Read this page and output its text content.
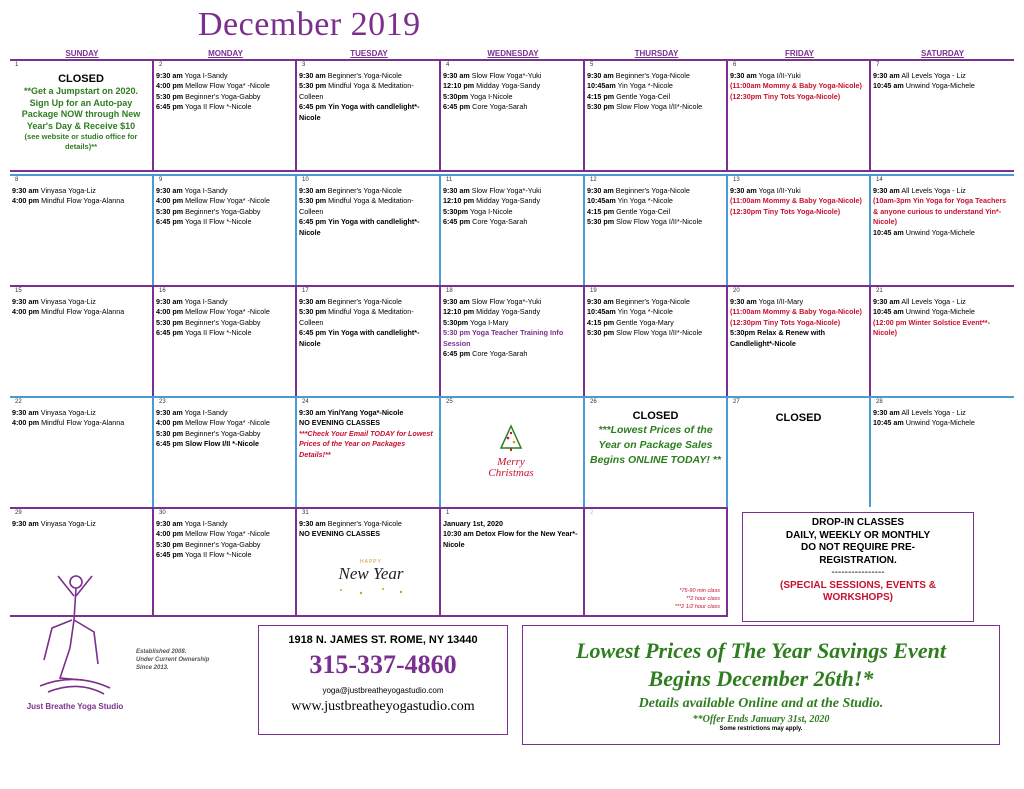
December 2019
SUNDAY	MONDAY	TUESDAY	WEDNESDAY	THURSDAY	FRIDAY	SATURDAY
1
CLOSED
**Get a Jumpstart on 2020. Sign Up for an Auto-pay Package NOW through New Year's Day & Receive $10
(see website or studio office for details)**
2
9:30 am Yoga I-Sandy
4:00 pm Mellow Flow Yoga* -Nicole
5:30 pm Beginner's Yoga-Gabby
6:45 pm Yoga II Flow *-Nicole
3
9:30 am Beginner's Yoga-Nicole
5:30 pm Mindful Yoga & Meditation-Colleen
6:45 pm Yin Yoga with candlelight*-Nicole
4
9:30 am Slow Flow Yoga*-Yuki
12:10 pm Midday Yoga-Sandy
5:30pm Yoga I-Nicole
6:45 pm Core Yoga-Sarah
5
9:30 am Beginner's Yoga-Nicole
10:45am Yin Yoga *-Nicole
4:15 pm Gentle Yoga-Ceil
5:30 pm Slow Flow Yoga I/II*-Nicole
6
9:30 am Yoga I/II-Yuki
(11:00am Mommy & Baby Yoga-Nicole)
(12:30pm Tiny Tots Yoga-Nicole)
7
9:30 am All Levels Yoga - Liz
10:45 am Unwind Yoga-Michele
8
9:30 am Vinyasa Yoga-Liz
4:00 pm Mindful Flow Yoga-Alanna
9
9:30 am Yoga I-Sandy
4:00 pm Mellow Flow Yoga* -Nicole
5:30 pm Beginner's Yoga-Gabby
6:45 pm Yoga II Flow *-Nicole
10
9:30 am Beginner's Yoga-Nicole
5:30 pm Mindful Yoga & Meditation-Colleen
6:45 pm Yin Yoga with candlelight*-Nicole
11
9:30 am Slow Flow Yoga*-Yuki
12:10 pm Midday Yoga-Sandy
5:30pm Yoga I-Nicole
6:45 pm Core Yoga-Sarah
12
9:30 am Beginner's Yoga-Nicole
10:45am Yin Yoga *-Nicole
4:15 pm Gentle Yoga-Ceil
5:30 pm Slow Flow Yoga I/II*-Nicole
13
9:30 am Yoga I/II-Yuki
(11:00am Mommy & Baby Yoga-Nicole)
(12:30pm Tiny Tots Yoga-Nicole)
14
9:30 am All Levels Yoga - Liz
(10am-3pm Yin Yoga for Yoga Teachers & anyone curious to understand Yin*-Nicole)
10:45 am Unwind Yoga-Michele
15
9:30 am Vinyasa Yoga-Liz
4:00 pm Mindful Flow Yoga-Alanna
16
9:30 am Yoga I-Sandy
4:00 pm Mellow Flow Yoga* -Nicole
5:30 pm Beginner's Yoga-Gabby
6:45 pm Yoga II Flow *-Nicole
17
9:30 am Beginner's Yoga-Nicole
5:30 pm Mindful Yoga & Meditation-Colleen
6:45 pm Yin Yoga with candlelight*-Nicole
18
9:30 am Slow Flow Yoga*-Yuki
12:10 pm Midday Yoga-Sandy
5:30pm Yoga I-Mary
5:30 pm Yoga Teacher Training Info Session
6:45 pm Core Yoga-Sarah
19
9:30 am Beginner's Yoga-Nicole
10:45am Yin Yoga *-Nicole
4:15 pm Gentle Yoga-Mary
5:30 pm Slow Flow Yoga I/II*-Nicole
20
9:30 am Yoga I/II-Mary
(11:00am Mommy & Baby Yoga-Nicole)
(12:30pm Tiny Tots Yoga-Nicole)
5:30pm Relax & Renew with Candlelight*-Nicole
21
9:30 am All Levels Yoga - Liz
10:45 am Unwind Yoga-Michele
(12:00 pm Winter Solstice Event**-Nicole)
22
9:30 am Vinyasa Yoga-Liz
4:00 pm Mindful Flow Yoga-Alanna
23
9:30 am Yoga I-Sandy
4:00 pm Mellow Flow Yoga* -Nicole
5:30 pm Beginner's Yoga-Gabby
6:45 pm Slow Flow I/II *-Nicole
24
9:30 am Yin/Yang Yoga*-Nicole
NO EVENING CLASSES
***Check Your Email TODAY for Lowest Prices of the Year on Packages Details!**
25
Merry
Christmas
26
CLOSED
***Lowest Prices of the Year on Package Sales Begins ONLINE TODAY! **
27
CLOSED
28
9:30 am All Levels Yoga - Liz
10:45 am Unwind Yoga-Michele
29
9:30 am Vinyasa Yoga-Liz
30
9:30 am Yoga I-Sandy
4:00 pm Mellow Flow Yoga* -Nicole
5:30 pm Beginner's Yoga-Gabby
6:45 pm Yoga II Flow *-Nicole
31
9:30 am Beginner's Yoga-Nicole
NO EVENING CLASSES
HAPPY
New Year
1
January 1st, 2020
10:30 am Detox Flow for the New Year*-Nicole
2
*75-90 min class
**2 hour class
***2 1/2 hour class
DROP-IN CLASSES
DAILY, WEEKLY OR MONTHLY
DO NOT REQUIRE PRE-REGISTRATION.
----------------
(SPECIAL SESSIONS, EVENTS & WORKSHOPS)
Just Breathe Yoga Studio
Established 2008.
Under Current Ownership
Since 2013.
1918 N. JAMES ST. ROME, NY 13440
315-337-4860
yoga@justbreatheyogastudio.com
www.justbreatheyogastudio.com
Lowest Prices of The Year Savings Event
Begins December 26th!*
Details available Online and at the Studio.
**Offer Ends January 31st, 2020
Some restrictions may apply.
